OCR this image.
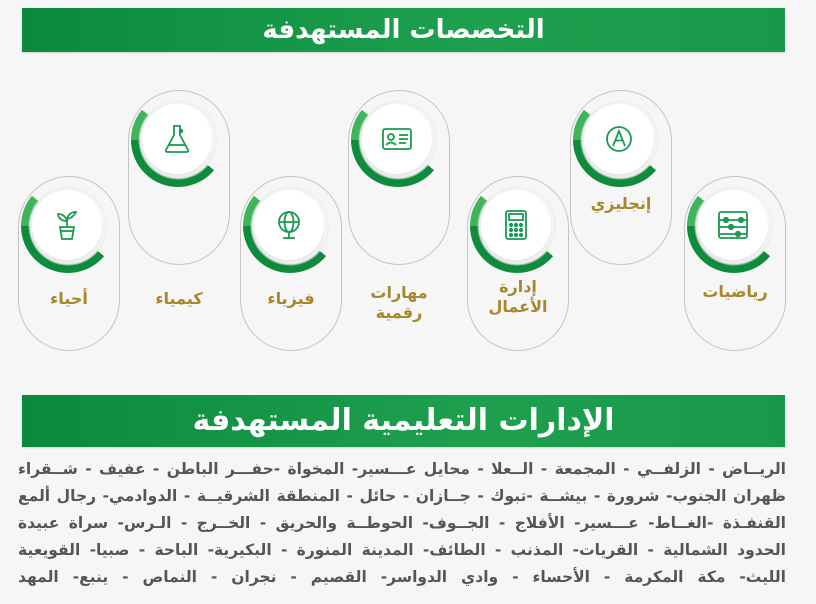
التخصصات المستهدفة
رياضيات
إنجليزي
إدارة
الأعمال
مهارات
رقمية
فيزياء
كيمياء
أحياء
الإدارات التعليمية المستهدفة
الريــاض - الزلفــي - المجمعة - الــعلا - محايل عـــسير- المخواة -حفـــر الباطن - عفيف - شــقراء
ظهران الجنوب- شرورة - بيشــة -تبوك - جــازان - حائل - المنطقة الشرقيــة - الدوادمي- رجال ألمع
القنفـذة -الغــاط- عـــسير- الأفلاج - الجــوف- الحوطــة والحريق - الخــرج - الـرس- سراة عبيدة
الحدود الشمالية - القريات- المذنب - الطائف- المدينة المنورة - البكيرية- الباحة - صبيا- القويعية
الليث- مكة المكرمة - الأحساء - وادي الدواسر- القصيم - نجران - النماص - ينبع- المهد
